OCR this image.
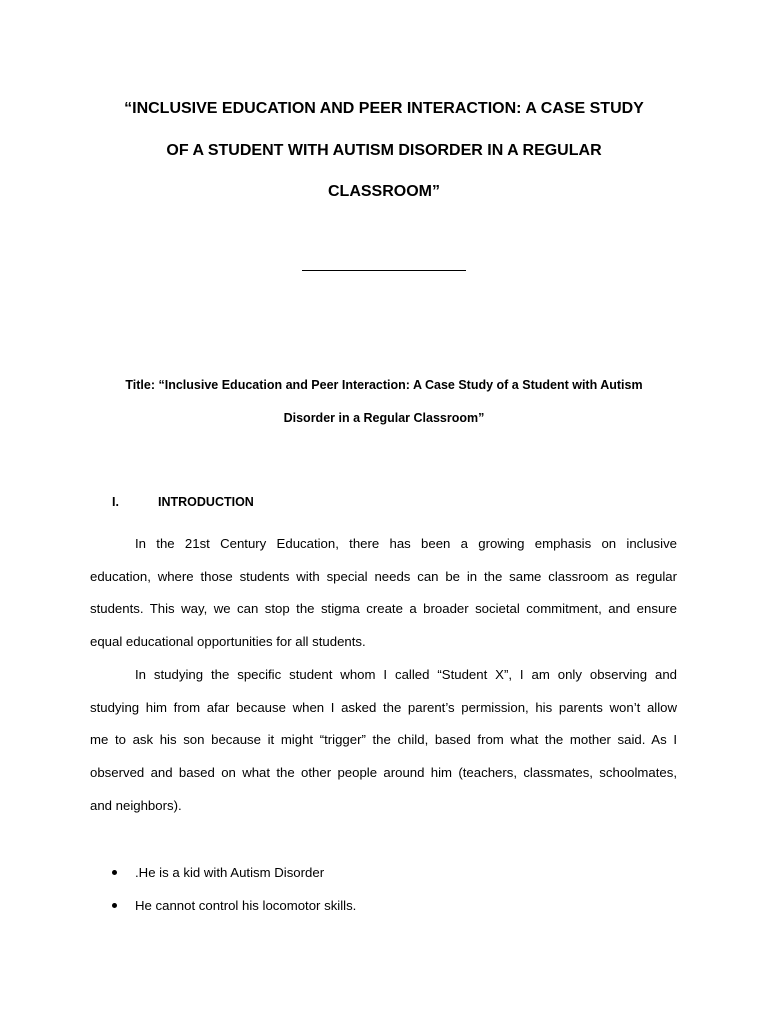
“INCLUSIVE EDUCATION AND PEER INTERACTION: A CASE STUDY
OF A STUDENT WITH AUTISM DISORDER IN A REGULAR
CLASSROOM”

Title: “Inclusive Education and Peer Interaction: A Case Study of a Student with Autism
Disorder in a Regular Classroom”

I.	INTRODUCTION

In the 21st Century Education, there has been a growing emphasis on inclusive
education, where those students with special needs can be in the same classroom as regular
students. This way, we can stop the stigma create a broader societal commitment, and ensure
equal educational opportunities for all students.

In studying the specific student whom I called “Student X”, I am only observing and
studying him from afar because when I asked the parent’s permission, his parents won’t allow
me to ask his son because it might “trigger” the child, based from what the mother said. As I
observed and based on what the other people around him (teachers, classmates, schoolmates,
and neighbors).

.He is a kid with Autism Disorder
He cannot control his locomotor skills.
